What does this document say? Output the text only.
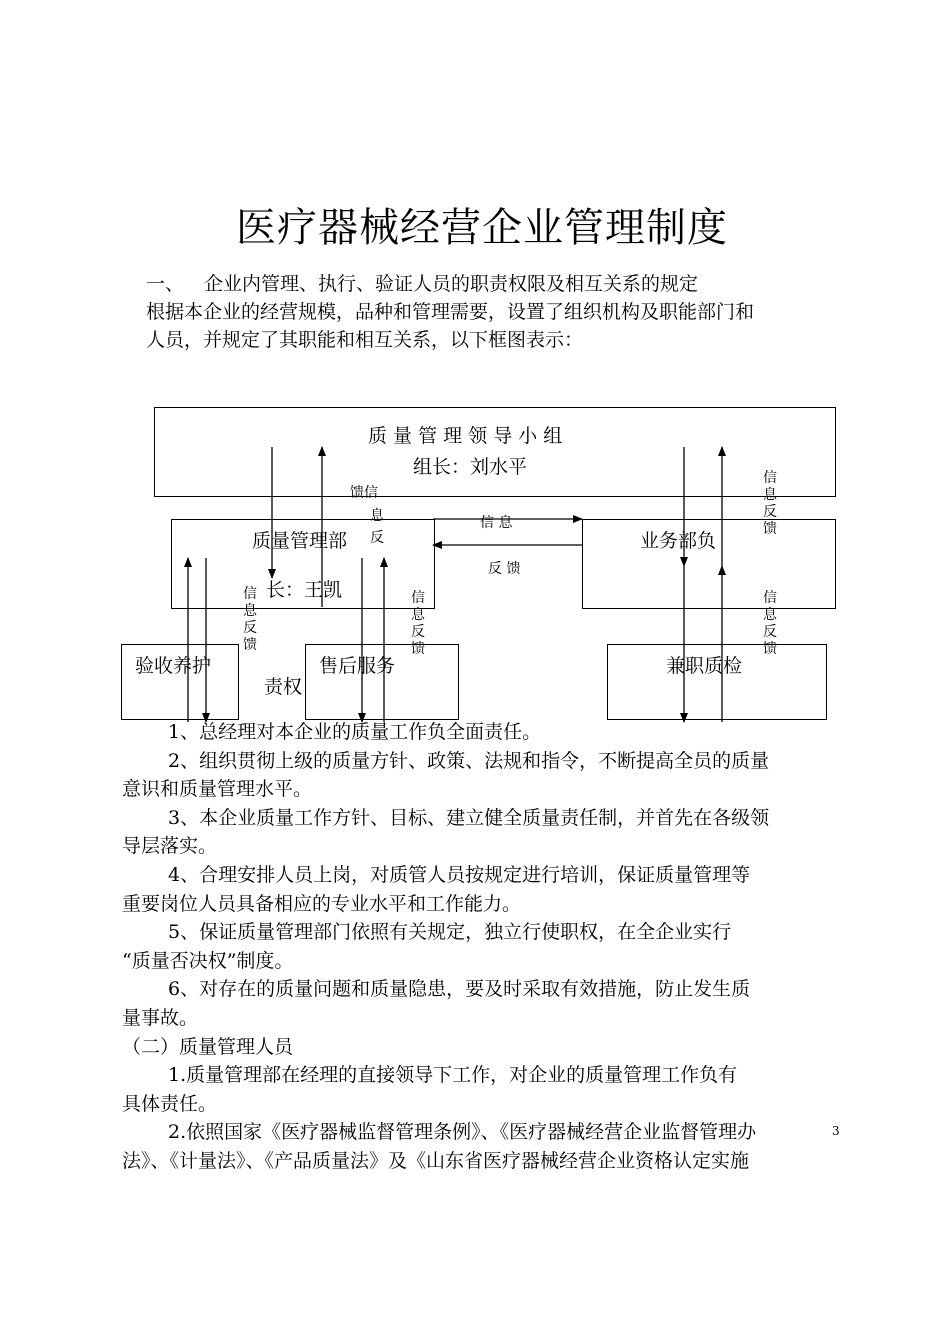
医疗器械经营企业管理制度
一、 企业内管理、执行、验证人员的职责权限及相互关系的规定
根据本企业的经营规模，品种和管理需要，设置了组织机构及职能部门和
人员，并规定了其职能和相互关系，以下框图表示：
质 量 管 理 领 导 小 组
组长：刘水平
质量管理部
长：王凯
业务部负
验收养护	售后服务	兼职质检
责权
信 息
反 馈
馈信
息
反
信息反馈
信息反馈
信息反馈
信息反馈
1、总经理对本企业的质量工作负全面责任。
2、组织贯彻上级的质量方针、政策、法规和指令，不断提高全员的质量
意识和质量管理水平。
3、本企业质量工作方针、目标、建立健全质量责任制，并首先在各级领
导层落实。
4、合理安排人员上岗，对质管人员按规定进行培训，保证质量管理等
重要岗位人员具备相应的专业水平和工作能力。
5、保证质量管理部门依照有关规定，独立行使职权，在全企业实行
“质量否决权”制度。
6、对存在的质量问题和质量隐患，要及时采取有效措施，防止发生质
量事故。
（二）质量管理人员
1.质量管理部在经理的直接领导下工作，对企业的质量管理工作负有
具体责任。
2.依照国家《医疗器械监督管理条例》、《医疗器械经营企业监督管理办
法》、《计量法》、《产品质量法》及《山东省医疗器械经营企业资格认定实施
3
